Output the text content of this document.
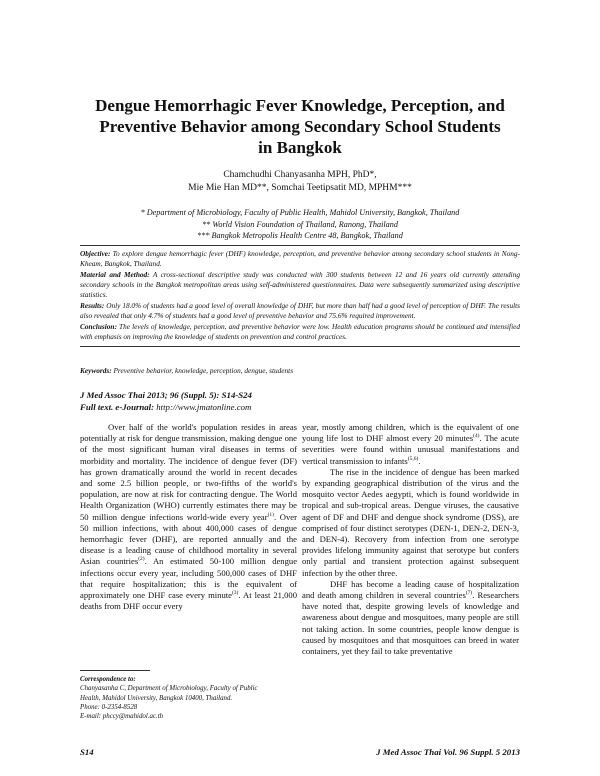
Dengue Hemorrhagic Fever Knowledge, Perception, and
Preventive Behavior among Secondary School Students
in Bangkok
Chamchudhi Chanyasanha MPH, PhD*,
Mie Mie Han MD**, Somchai Teetipsatit MD, MPHM***
* Department of Microbiology, Faculty of Public Health, Mahidol University, Bangkok, Thailand
** World Vision Foundation of Thailand, Ranong, Thailand
*** Bangkok Metropolis Health Centre 48, Bangkok, Thailand

Objective: To explore dengue hemorrhagic fever (DHF) knowledge, perception, and preventive behavior among secondary school students in Nong-Kheam, Bangkok, Thailand.

Material and Method: A cross-sectional descriptive study was conducted with 300 students between 12 and 16 years old currently attending secondary schools in the Bangkok metropolitan areas using self-administered questionnaires. Data were subsequently summarized using descriptive statistics.

Results: Only 18.0% of students had a good level of overall knowledge of DHF, but more than half had a good level of perception of DHF. The results also revealed that only 4.7% of students had a good level of preventive behavior and 75.6% required improvement.

Conclusion: The levels of knowledge, perception, and preventive behavior were low. Health education programs should be continued and intensified with emphasis on improving the knowledge of students on prevention and control practices.

Keywords: Preventive behavior, knowledge, perception, dengue, students
J Med Assoc Thai 2013; 96 (Suppl. 5): S14-S24
Full text. e-Journal: http://www.jmatonline.com

Over half of the world's population resides in areas potentially at risk for dengue transmission, making dengue one of the most significant human viral diseases in terms of morbidity and mortality. The incidence of dengue fever (DF) has grown dramatically around the world in recent decades and some 2.5 billion people, or two-fifths of the world's population, are now at risk for contracting dengue. The World Health Organization (WHO) currently estimates there may be 50 million dengue infections world-wide every year$^{(1)}$. Over 50 million infections, with about 400,000 cases of dengue hemorrhagic fever (DHF), are reported annually and the disease is a leading cause of childhood mortality in several Asian countries$^{(2)}$. An estimated 50-100 million dengue infections occur every year, including 500,000 cases of DHF that require hospitalization; this is the equivalent of approximately one DHF case every minute$^{(3)}$. At least 21,000 deaths from DHF occur every

year, mostly among children, which is the equivalent of one young life lost to DHF almost every 20 minutes$^{(4)}$. The acute severities were found within unusual manifestations and vertical transmission to infants$^{(5,6)}$.

The rise in the incidence of dengue has been marked by expanding geographical distribution of the virus and the mosquito vector Aedes aegypti, which is found worldwide in tropical and sub-tropical areas. Dengue viruses, the causative agent of DF and DHF and dengue shock syndrome (DSS), are comprised of four distinct serotypes (DEN-1, DEN-2, DEN-3, and DEN-4). Recovery from infection from one serotype provides lifelong immunity against that serotype but confers only partial and transient protection against subsequent infection by the other three.

DHF has become a leading cause of hospitalization and death among children in several countries$^{(7)}$. Researchers have noted that, despite growing levels of knowledge and awareness about dengue and mosquitoes, many people are still not taking action. In some countries, people know dengue is caused by mosquitoes and that mosquitoes can breed in water containers, yet they fail to take preventative

Correspondence to:
Chanyasanha C, Department of Microbiology, Faculty of Public
Health, Mahidol University, Bangkok 10400, Thailand.
Phone: 0-2354-8528
E-mail: phccy@mahidol.ac.th
S14	J Med Assoc Thai Vol. 96 Suppl. 5 2013
